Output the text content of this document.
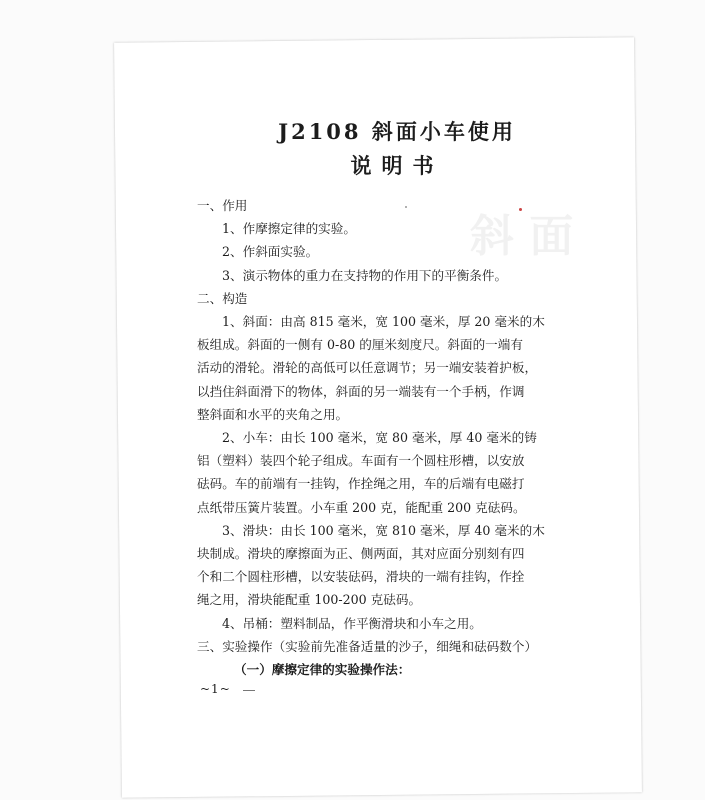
J2108 斜面小车使用
说明书
一、作用
1、作摩擦定律的实验。
2、作斜面实验。
3、演示物体的重力在支持物的作用下的平衡条件。
二、构造
1、斜面：由高 815 毫米，宽 100 毫米，厚 20 毫米的木
板组成。斜面的一侧有 0-80 的厘米刻度尺。斜面的一端有
活动的滑轮。滑轮的高低可以任意调节；另一端安装着护板，
以挡住斜面滑下的物体，斜面的另一端装有一个手柄，作调
整斜面和水平的夹角之用。
2、小车：由长 100 毫米，宽 80 毫米，厚 40 毫米的铸
铝（塑料）装四个轮子组成。车面有一个圆柱形槽，以安放
砝码。车的前端有一挂钩，作拴绳之用，车的后端有电磁打
点纸带压簧片装置。小车重 200 克，能配重 200 克砝码。
3、滑块：由长 100 毫米，宽 810 毫米，厚 40 毫米的木
块制成。滑块的摩擦面为正、侧两面，其对应面分别刻有四
个和二个圆柱形槽，以安装砝码，滑块的一端有挂钩，作拴
绳之用，滑块能配重 100-200 克砝码。
4、吊桶：塑料制品，作平衡滑块和小车之用。
三、实验操作（实验前先准备适量的沙子，细绳和砝码数个）
（一）摩擦定律的实验操作法：
~1~
